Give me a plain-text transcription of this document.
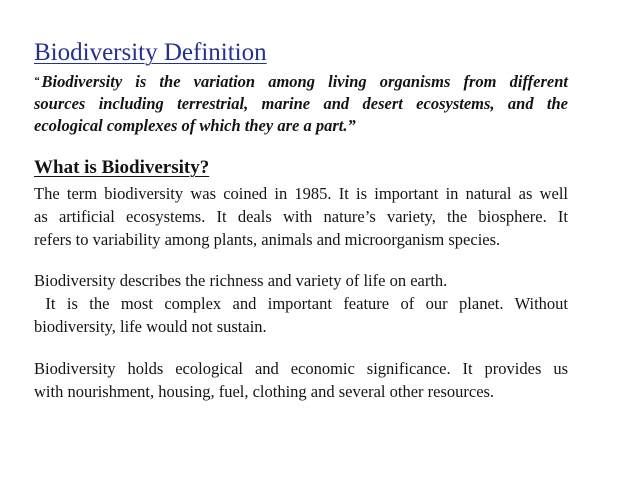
Biodiversity Definition
“ Biodiversity is the variation among living organisms from different
sources including terrestrial, marine and desert ecosystems, and the
ecological complexes of which they are a part.”
What is Biodiversity?
The term biodiversity was coined in 1985. It is important in natural as well
as artificial ecosystems. It deals with nature’s variety, the biosphere. It
refers to variability among plants, animals and microorganism species.
Biodiversity describes the richness and variety of life on earth.
It is the most complex and important feature of our planet. Without
biodiversity, life would not sustain.
Biodiversity holds ecological and economic significance. It provides us
with nourishment, housing, fuel, clothing and several other resources.
